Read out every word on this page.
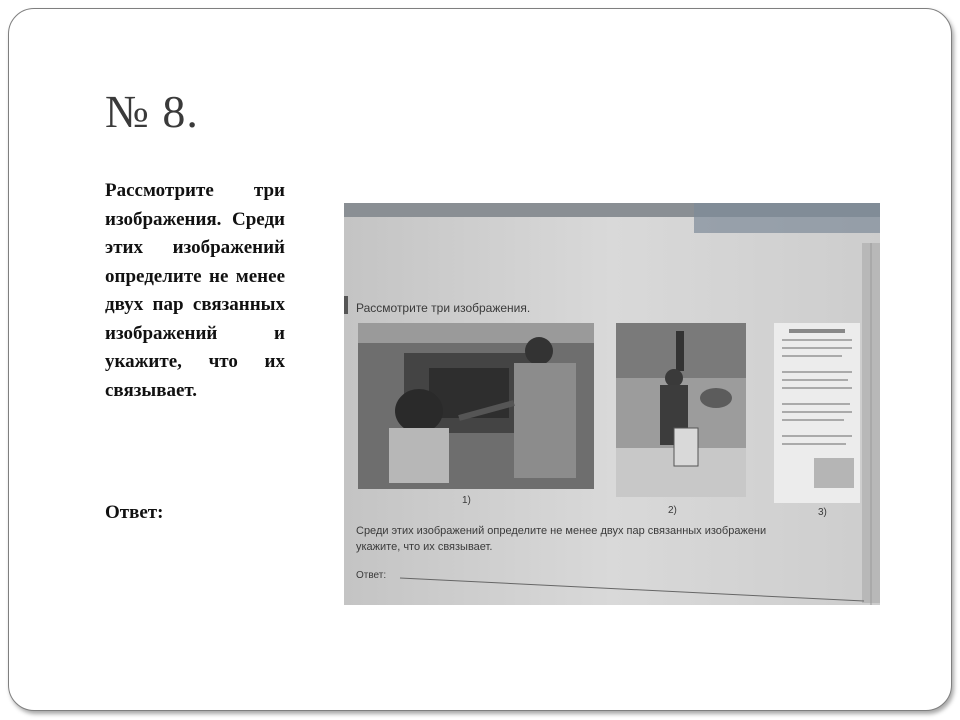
№ 8.
Рассмотрите три изображения. Среди этих изображений определите не менее двух пар связанных изображений и укажите, что их связывает.
Ответ:
Рассмотрите три изображения.
1)
2)	3)
Среди этих изображений определите не менее двух пар связанных изображени
укажите, что их связывает.
Ответ:
